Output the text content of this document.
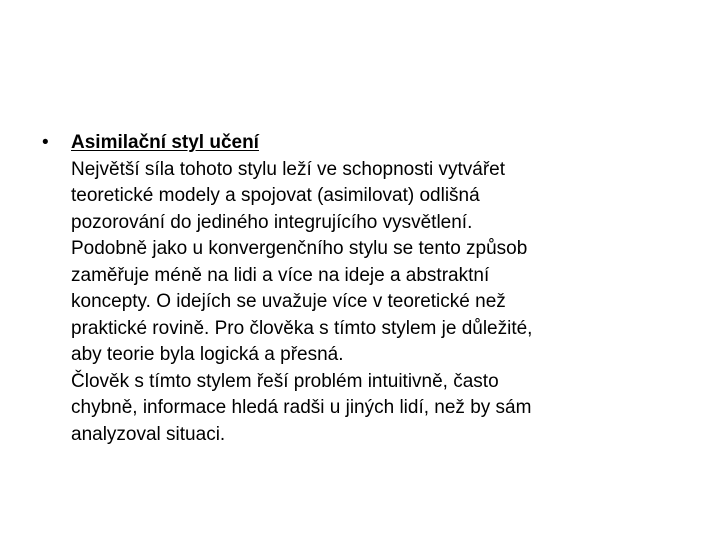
• Asimilační styl učení
Největší síla tohoto stylu leží ve schopnosti vytvářet
teoretické modely a spojovat (asimilovat) odlišná
pozorování do jediného integrujícího vysvětlení.
Podobně jako u konvergenčního stylu se tento způsob
zaměřuje méně na lidi a více na ideje a abstraktní
koncepty. O idejích se uvažuje více v teoretické než
praktické rovině. Pro člověka s tímto stylem je důležité,
aby teorie byla logická a přesná.
Člověk s tímto stylem řeší problém intuitivně, často
chybně, informace hledá radši u jiných lidí, než by sám
analyzoval situaci.
